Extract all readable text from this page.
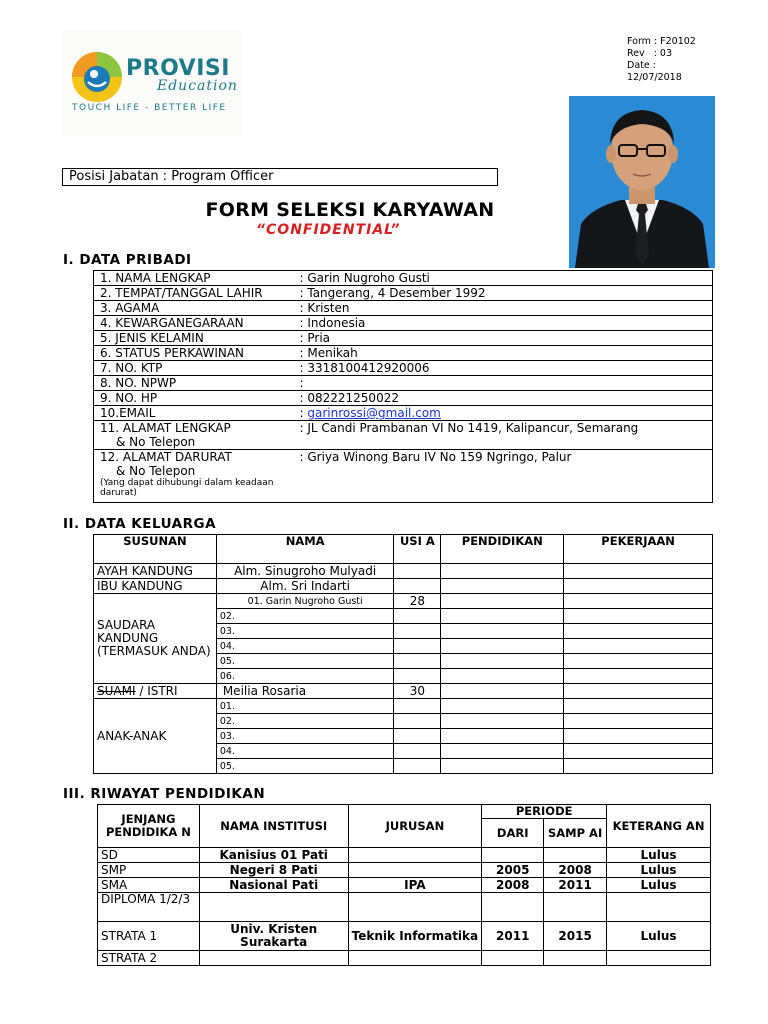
PROVISI
Education
TOUCH LIFE - BETTER LIFE
Form : F20102
Rev   : 03
Date :
12/07/2018
Posisi Jabatan : Program Officer
FORM SELEKSI KARYAWAN
“CONFIDENTIAL”
I. DATA PRIBADI
1. NAMA LENGKAP	: Garin Nugroho Gusti
2. TEMPAT/TANGGAL LAHIR	: Tangerang, 4 Desember 1992
3. AGAMA	: Kristen
4. KEWARGANEGARAAN	: Indonesia
5. JENIS KELAMIN	: Pria
6. STATUS PERKAWINAN	: Menikah
7. NO. KTP	: 3318100412920006
8. NO. NPWP	:
9. NO. HP	: 082221250022
10.EMAIL	: garinrossi@gmail.com
11. ALAMAT LENGKAP
& No Telepon	: JL Candi Prambanan VI No 1419, Kalipancur, Semarang
12. ALAMAT DARURAT
& No Telepon
(Yang dapat dihubungi dalam keadaan darurat)	: Griya Winong Baru IV No 159 Ngringo, Palur
II. DATA KELUARGA
SUSUNAN	NAMA	USI A	PENDIDIKAN	PEKERJAAN
AYAH KANDUNG	Alm. Sinugroho Mulyadi			
IBU KANDUNG	Alm. Sri Indarti			
SAUDARA KANDUNG (TERMASUK ANDA)	01. Garin Nugroho Gusti	28		
	02.			
	03.			
	04.			
	05.			
	06.			
SUAMI / ISTRI	Meilia Rosaria	30		
ANAK-ANAK	01.			
	02.			
	03.			
	04.			
	05.			
III. RIWAYAT PENDIDIKAN
JENJANG PENDIDIKA N	NAMA INSTITUSI	JURUSAN	PERIODE		KETERANG AN
			DARI	SAMP AI	
SD	Kanisius 01 Pati				Lulus
SMP	Negeri 8 Pati		2005	2008	Lulus
SMA	Nasional Pati	IPA	2008	2011	Lulus
DIPLOMA 1/2/3					
STRATA 1	Univ. Kristen Surakarta	Teknik Informatika	2011	2015	Lulus
STRATA 2					
